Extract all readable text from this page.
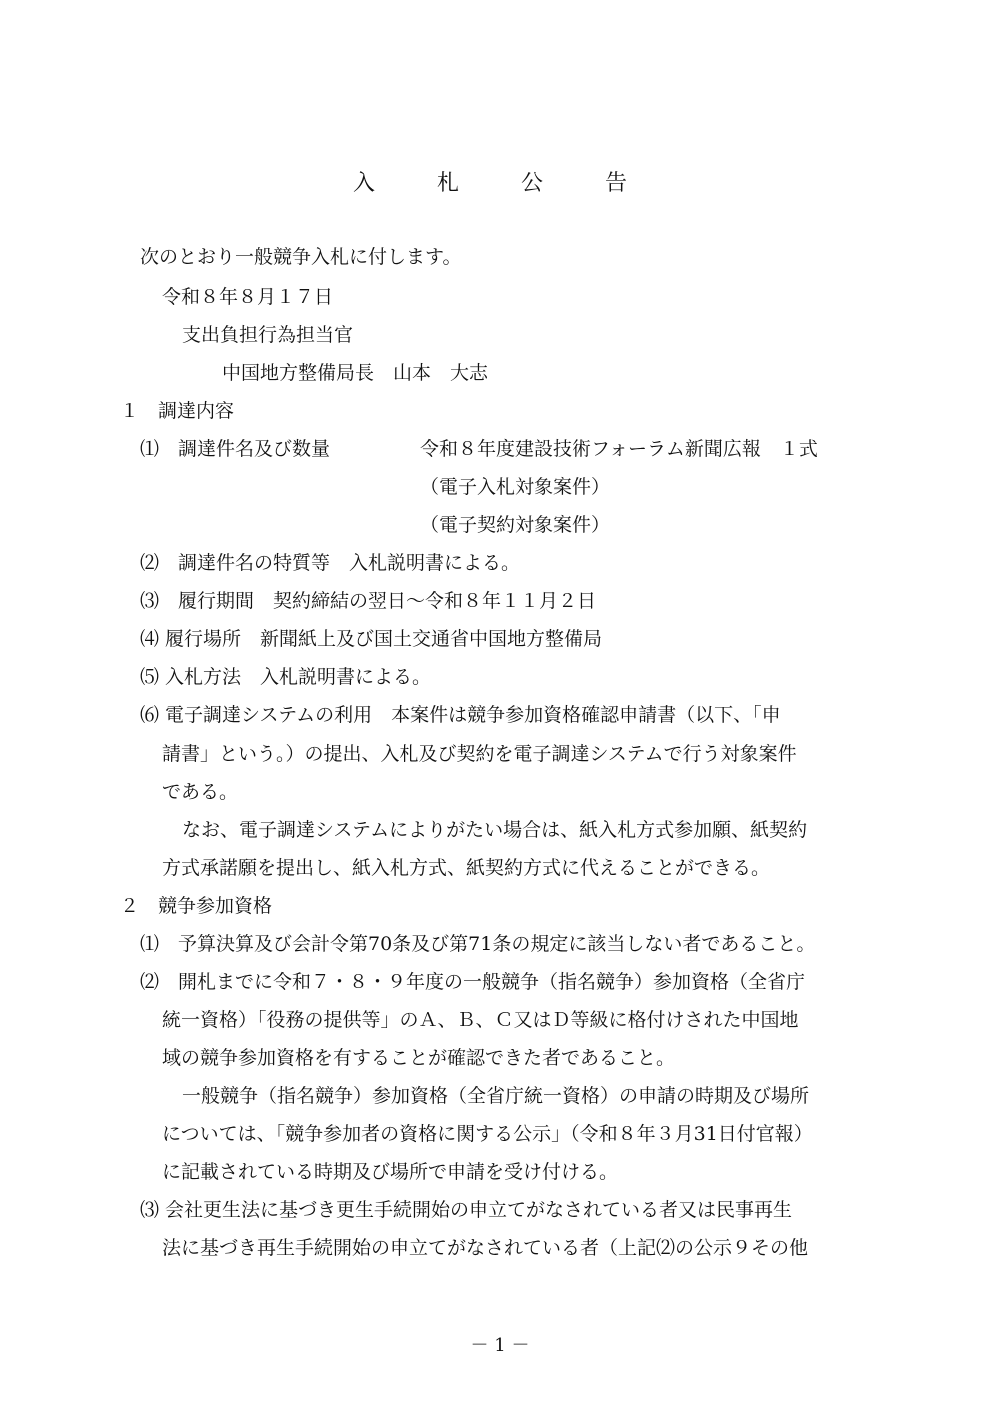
入　札　公　告
次のとおり一般競争入札に付します。
令和８年８月１７日
支出負担行為担当官
中国地方整備局長　山本　大志
１　調達内容
⑴　調達件名及び数量	令和８年度建設技術フォーラム新聞広報　１式
（電子入札対象案件）
（電子契約対象案件）
⑵　調達件名の特質等　入札説明書による。
⑶　履行期間　契約締結の翌日～令和８年１１月２日
⑷ 履行場所　新聞紙上及び国土交通省中国地方整備局
⑸ 入札方法　入札説明書による。
⑹ 電子調達システムの利用　本案件は競争参加資格確認申請書（以下、「申
請書」という。）の提出、入札及び契約を電子調達システムで行う対象案件
である。
なお、電子調達システムによりがたい場合は、紙入札方式参加願、紙契約
方式承諾願を提出し、紙入札方式、紙契約方式に代えることができる。
２　競争参加資格
⑴　予算決算及び会計令第70条及び第71条の規定に該当しない者であること。
⑵　開札までに令和７・８・９年度の一般競争（指名競争）参加資格（全省庁
統一資格）「役務の提供等」のＡ、Ｂ、Ｃ又はＤ等級に格付けされた中国地
域の競争参加資格を有することが確認できた者であること。
一般競争（指名競争）参加資格（全省庁統一資格）の申請の時期及び場所
については、「競争参加者の資格に関する公示」（令和８年３月31日付官報）
に記載されている時期及び場所で申請を受け付ける。
⑶ 会社更生法に基づき更生手続開始の申立てがなされている者又は民事再生
法に基づき再生手続開始の申立てがなされている者（上記⑵の公示９その他
－ 1 －
